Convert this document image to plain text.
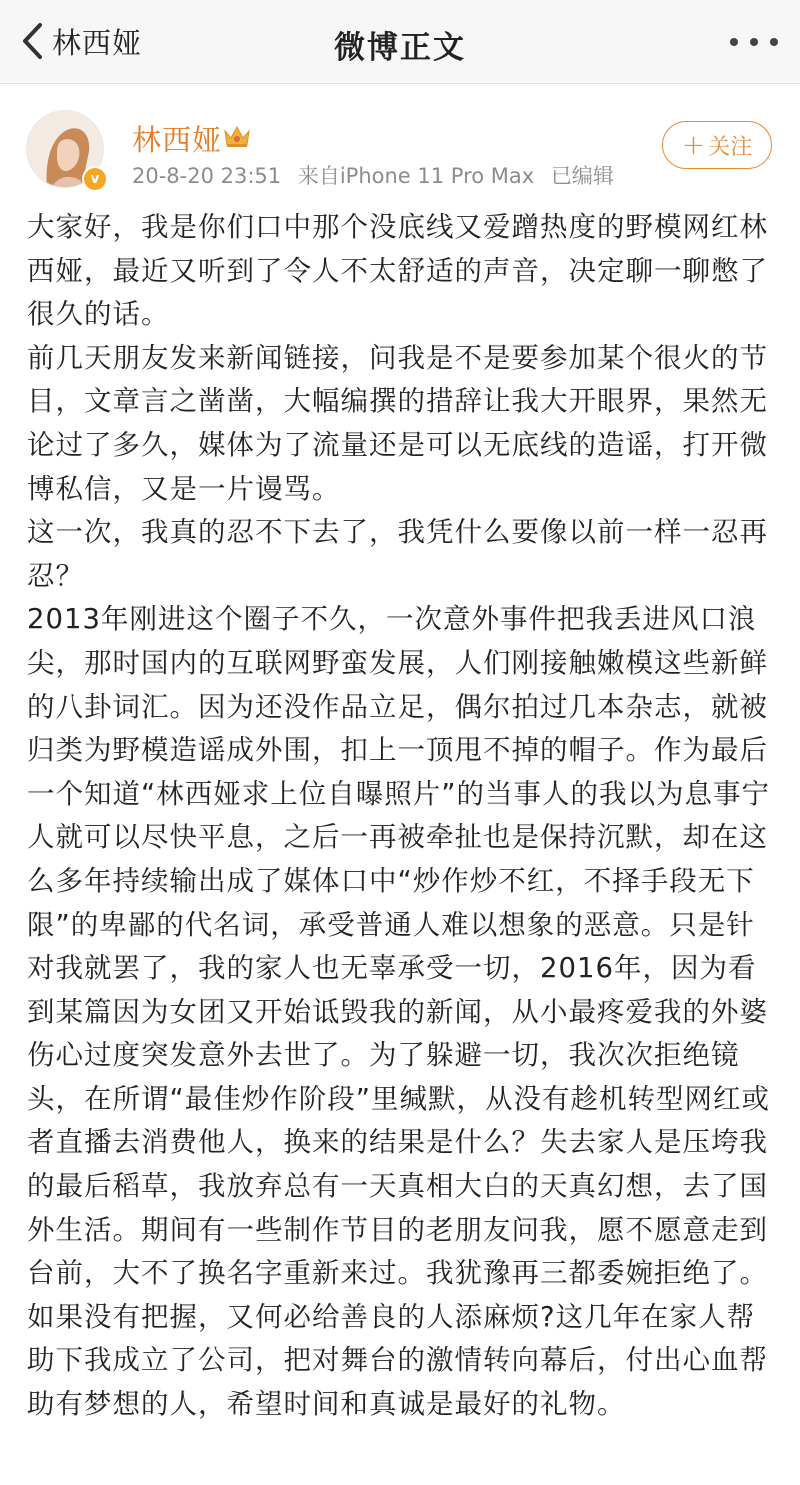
林西娅	微博正文
v
林西娅
20-8-20 23:51 来自iPhone 11 Pro Max 已编辑
+ 关注

大家好，我是你们口中那个没底线又爱蹭热度的野模网红林西娅，最近又听到了令人不太舒适的声音，决定聊一聊憋了很久的话。

前几天朋友发来新闻链接，问我是不是要参加某个很火的节目，文章言之凿凿，大幅编撰的措辞让我大开眼界，果然无论过了多久，媒体为了流量还是可以无底线的造谣，打开微博私信，又是一片谩骂。

这一次，我真的忍不下去了，我凭什么要像以前一样一忍再忍？

2013年刚进这个圈子不久，一次意外事件把我丢进风口浪尖，那时国内的互联网野蛮发展，人们刚接触嫩模这些新鲜的八卦词汇。因为还没作品立足，偶尔拍过几本杂志，就被归类为野模造谣成外围，扣上一顶甩不掉的帽子。作为最后一个知道“林西娅求上位自曝照片”的当事人的我以为息事宁人就可以尽快平息，之后一再被牵扯也是保持沉默，却在这么多年持续输出成了媒体口中“炒作炒不红，不择手段无下限”的卑鄙的代名词，承受普通人难以想象的恶意。只是针对我就罢了，我的家人也无辜承受一切，2016年，因为看到某篇因为女团又开始诋毁我的新闻，从小最疼爱我的外婆伤心过度突发意外去世了。为了躲避一切，我次次拒绝镜头，在所谓“最佳炒作阶段”里缄默，从没有趁机转型网红或者直播去消费他人，换来的结果是什么？失去家人是压垮我的最后稻草，我放弃总有一天真相大白的天真幻想，去了国外生活。期间有一些制作节目的老朋友问我，愿不愿意走到台前，大不了换名字重新来过。我犹豫再三都委婉拒绝了。如果没有把握，又何必给善良的人添麻烦?这几年在家人帮助下我成立了公司，把对舞台的激情转向幕后，付出心血帮助有梦想的人，希望时间和真诚是最好的礼物。
